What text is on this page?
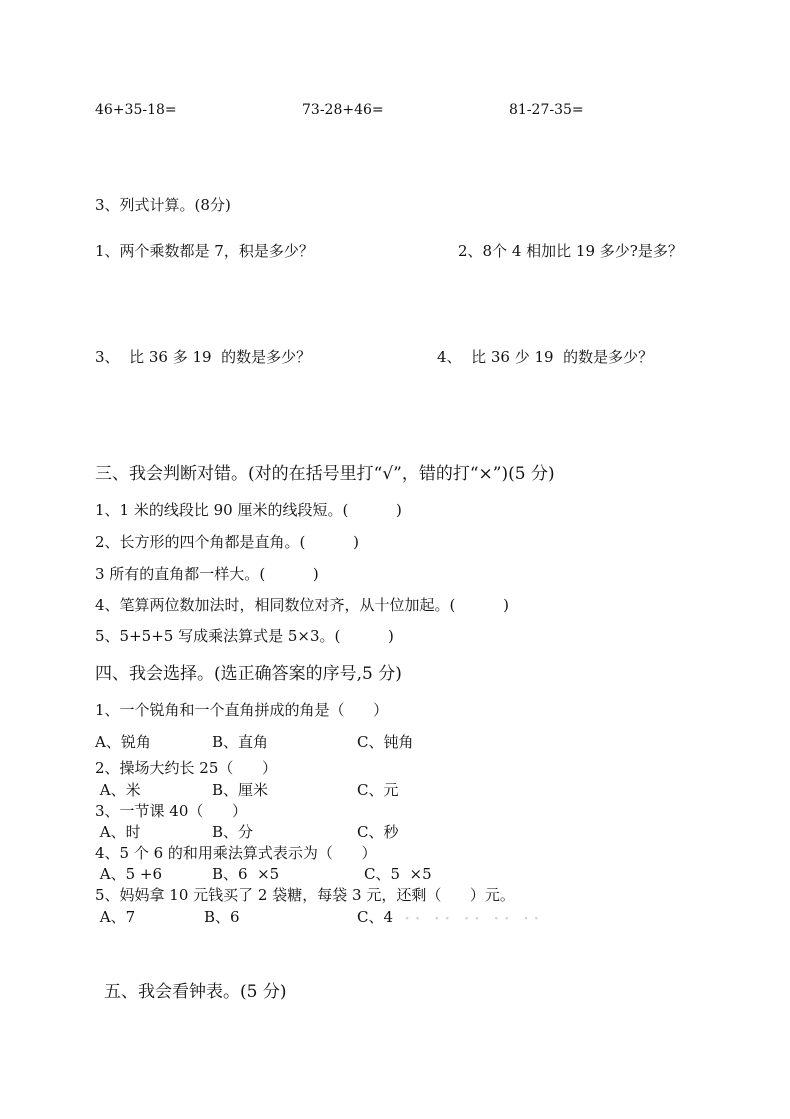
46+35-18=	73-28+46=	81-27-35=
3、列式计算。(8分)
1、两个乘数都是 7，积是多少？	2、8个 4 相加比 19 多少?是多？
3、  比 36 多 19  的数是多少？	4、  比 36 少 19  的数是多少？
三、我会判断对错。(对的在括号里打“√”，错的打“×”)(5 分)
1、1 米的线段比 90 厘米的线段短。(          )
2、长方形的四个角都是直角。(          )
3 所有的直角都一样大。(          )
4、笔算两位数加法时，相同数位对齐，从十位加起。(          )
5、5+5+5 写成乘法算式是 5×3。(          )
四、我会选择。(选正确答案的序号,5 分)
1、一个锐角和一个直角拼成的角是（      ）
A、锐角	B、直角	C、钝角
2、操场大约长 25（      ）
A、米	B、厘米	C、元
3、一节课 40（      ）
A、时	B、分	C、秒
4、5 个 6 的和用乘法算式表示为（      ）
A、5 +6	B、6  ×5	C、5  ×5
5、妈妈拿 10 元钱买了 2 袋糖，每袋 3 元，还剩（      ）元。
A、7	B、6	C、4 ∙∙ ∙∙ ∙∙ ∙∙ ∙∙
五、我会看钟表。(5 分)
